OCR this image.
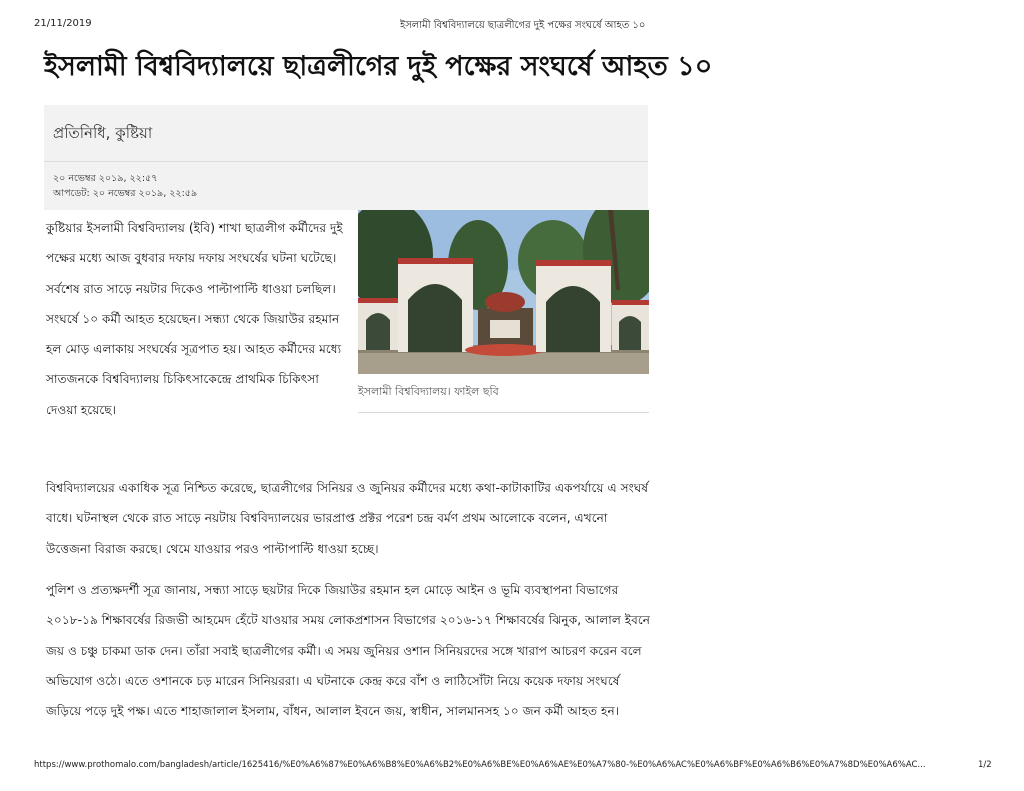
21/11/2019	ইসলামী বিশ্ববিদ্যালয়ে ছাত্রলীগের দুই পক্ষের সংঘর্ষে আহত ১০
ইসলামী বিশ্ববিদ্যালয়ে ছাত্রলীগের দুই পক্ষের সংঘর্ষে আহত ১০
প্রতিনিধি, কুষ্টিয়া
২০ নভেম্বর ২০১৯, ২২:৫৭
আপডেট: ২০ নভেম্বর ২০১৯, ২২:৫৯

কুষ্টিয়ার ইসলামী বিশ্ববিদ্যালয় (ইবি) শাখা ছাত্রলীগ কর্মীদের দুই পক্ষের মধ্যে আজ বুধবার দফায় দফায় সংঘর্ষের ঘটনা ঘটেছে। সর্বশেষ রাত সাড়ে নয়টার দিকেও পাল্টাপাল্টি ধাওয়া চলছিল। সংঘর্ষে ১০ কর্মী আহত হয়েছেন। সন্ধ্যা থেকে জিয়াউর রহমান হল মোড় এলাকায় সংঘর্ষের সূত্রপাত হয়। আহত কর্মীদের মধ্যে সাতজনকে বিশ্ববিদ্যালয় চিকিৎসাকেন্দ্রে প্রাথমিক চিকিৎসা দেওয়া হয়েছে।

ইসলামী বিশ্ববিদ্যালয়। ফাইল ছবি

বিশ্ববিদ্যালয়ের একাধিক সূত্র নিশ্চিত করেছে, ছাত্রলীগের সিনিয়র ও জুনিয়র কর্মীদের মধ্যে কথা-কাটাকাটির একপর্যায়ে এ সংঘর্ষ বাধে। ঘটনাস্থল থেকে রাত সাড়ে নয়টায় বিশ্ববিদ্যালয়ের ভারপ্রাপ্ত প্রক্টর পরেশ চন্দ্র বর্মণ প্রথম আলোকে বলেন, এখনো উত্তেজনা বিরাজ করছে। থেমে যাওয়ার পরও পাল্টাপাল্টি ধাওয়া হচ্ছে।

পুলিশ ও প্রত্যক্ষদর্শী সূত্র জানায়, সন্ধ্যা সাড়ে ছয়টার দিকে জিয়াউর রহমান হল মোড়ে আইন ও ভূমি ব্যবস্থাপনা বিভাগের ২০১৮-১৯ শিক্ষাবর্ষের রিজভী আহমেদ হেঁটে যাওয়ার সময় লোকপ্রশাসন বিভাগের ২০১৬-১৭ শিক্ষাবর্ষের ঝিনুক, আলাল ইবনে জয় ও চঞ্চু চাকমা ডাক দেন। তাঁরা সবাই ছাত্রলীগের কর্মী। এ সময় জুনিয়র ওশান সিনিয়রদের সঙ্গে খারাপ আচরণ করেন বলে অভিযোগ ওঠে। এতে ওশানকে চড় মারেন সিনিয়ররা। এ ঘটনাকে কেন্দ্র করে বাঁশ ও লাঠিসোঁটা নিয়ে কয়েক দফায় সংঘর্ষে জড়িয়ে পড়ে দুই পক্ষ। এতে শাহাজালাল ইসলাম, বাঁধন, আলাল ইবনে জয়, স্বাধীন, সালমানসহ ১০ জন কর্মী আহত হন।

https://www.prothomalo.com/bangladesh/article/1625416/%E0%A6%87%E0%A6%B8%E0%A6%B2%E0%A6%BE%E0%A6%AE%E0%A7%80-%E0%A6%AC%E0%A6%BF%E0%A6%B6%E0%A7%8D%E0%A6%AC...	1/2
